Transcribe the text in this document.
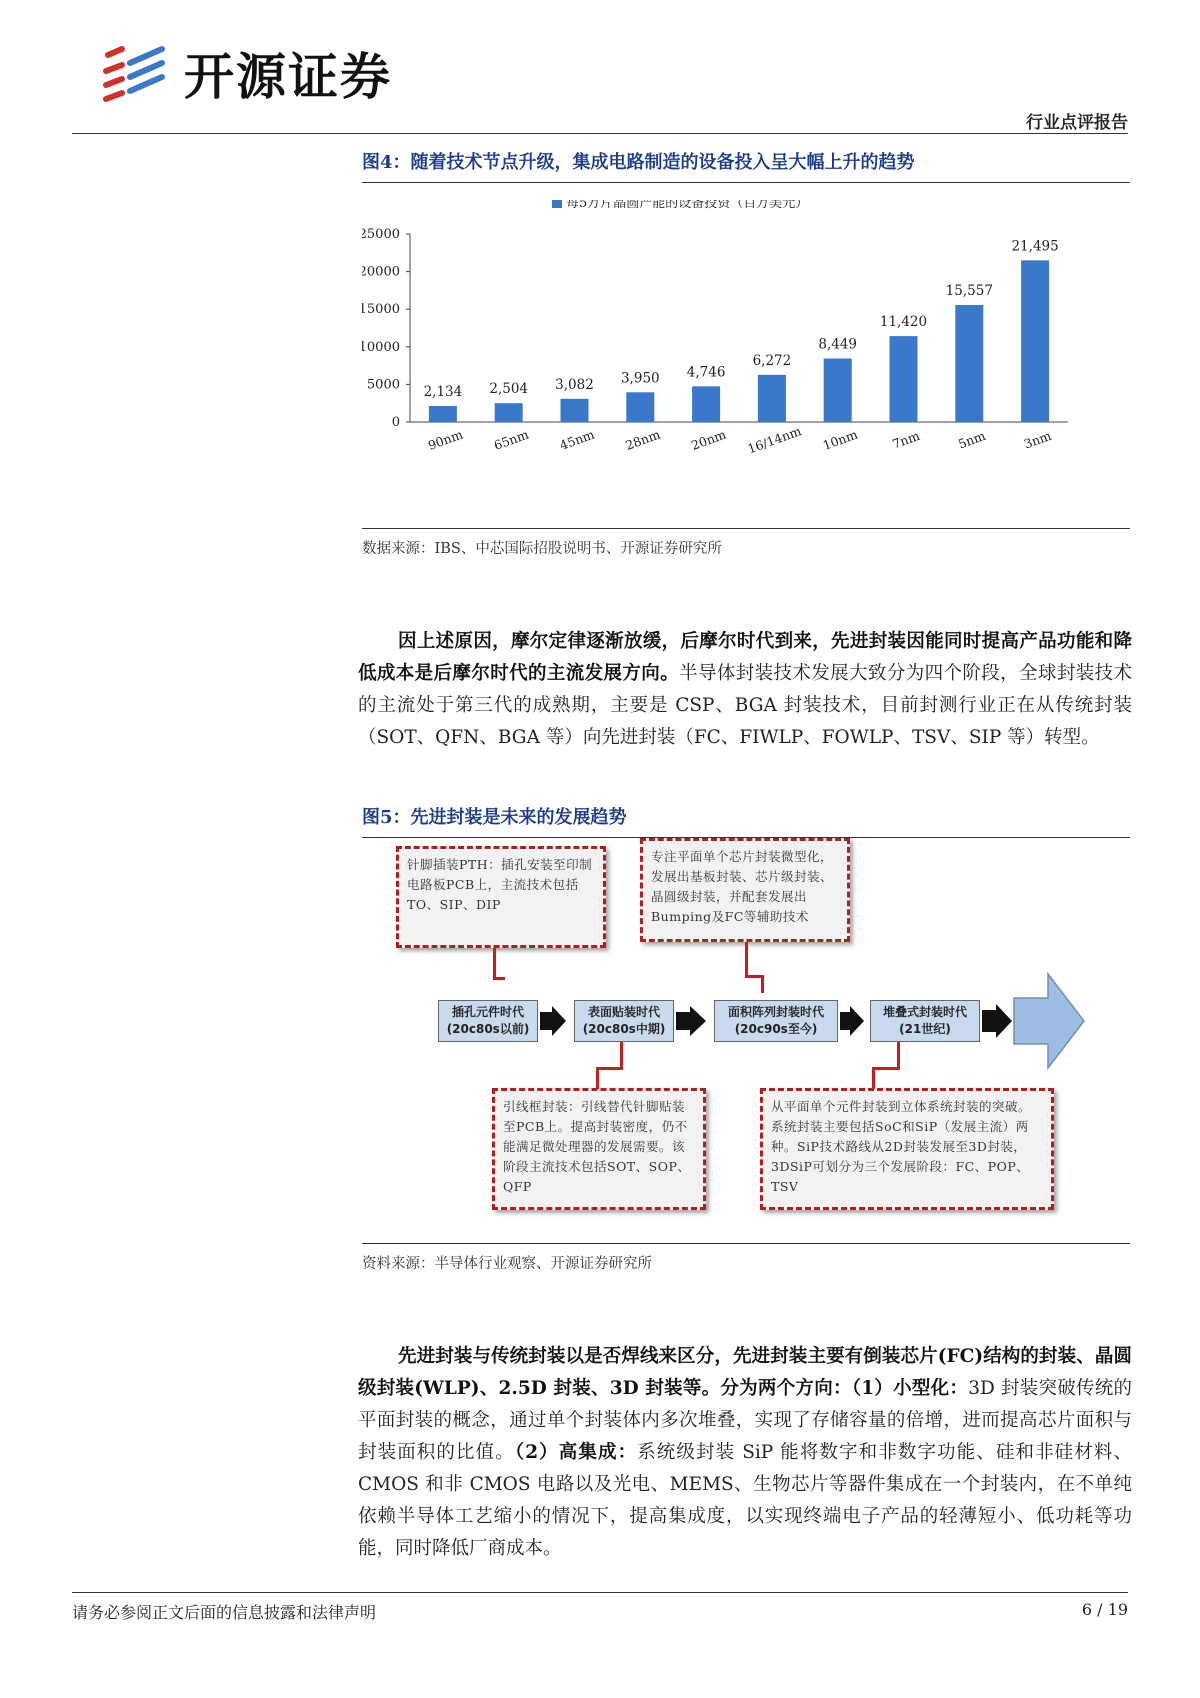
开源证券
行业点评报告
图4：随着技术节点升级，集成电路制造的设备投入呈大幅上升的趋势
每5万片晶圆产能的设备投资（百万美元）
0
5000
10000
15000
20000
25000
2,134
90nm
2,504
65nm
3,082
45nm
3,950
28nm
4,746
20nm
6,272
16/14nm
8,449
10nm
11,420
7nm
15,557
5nm
21,495
3nm
数据来源：IBS、中芯国际招股说明书、开源证券研究所
因上述原因，摩尔定律逐渐放缓，后摩尔时代到来，先进封装因能同时提高产品功能和降低成本是后摩尔时代的主流发展方向。半导体封装技术发展大致分为四个阶段，全球封装技术的主流处于第三代的成熟期，主要是 CSP、BGA 封装技术，目前封测行业正在从传统封装（SOT、QFN、BGA 等）向先进封装（FC、FIWLP、FOWLP、TSV、SIP 等）转型。
图5：先进封装是未来的发展趋势
针脚插装PTH：插孔安装至印制电路板PCB上，主流技术包括TO、SIP、DIP
专注平面单个芯片封装微型化，发展出基板封装、芯片级封装、晶圆级封装，并配套发展出Bumping及FC等辅助技术
引线框封装：引线替代针脚贴装至PCB上。提高封装密度，仍不能满足微处理器的发展需要。该阶段主流技术包括SOT、SOP、QFP
从平面单个元件封装到立体系统封装的突破。系统封装主要包括SoC和SiP（发展主流）两种。SiP技术路线从2D封装发展至3D封装，3DSiP可划分为三个发展阶段：FC、POP、TSV
插孔元件时代
(20c80s以前)
表面贴装时代
(20c80s中期)
面积阵列封装时代
(20c90s至今)
堆叠式封装时代
(21世纪)
资料来源：半导体行业观察、开源证券研究所
先进封装与传统封装以是否焊线来区分，先进封装主要有倒装芯片(FC)结构的封装、晶圆级封装(WLP)、2.5D 封装、3D 封装等。分为两个方向：（1）小型化：3D 封装突破传统的平面封装的概念，通过单个封装体内多次堆叠，实现了存储容量的倍增，进而提高芯片面积与封装面积的比值。（2）高集成：系统级封装 SiP 能将数字和非数字功能、硅和非硅材料、CMOS 和非 CMOS 电路以及光电、MEMS、生物芯片等器件集成在一个封装内，在不单纯依赖半导体工艺缩小的情况下，提高集成度，以实现终端电子产品的轻薄短小、低功耗等功能，同时降低厂商成本。
请务必参阅正文后面的信息披露和法律声明	6 / 19
